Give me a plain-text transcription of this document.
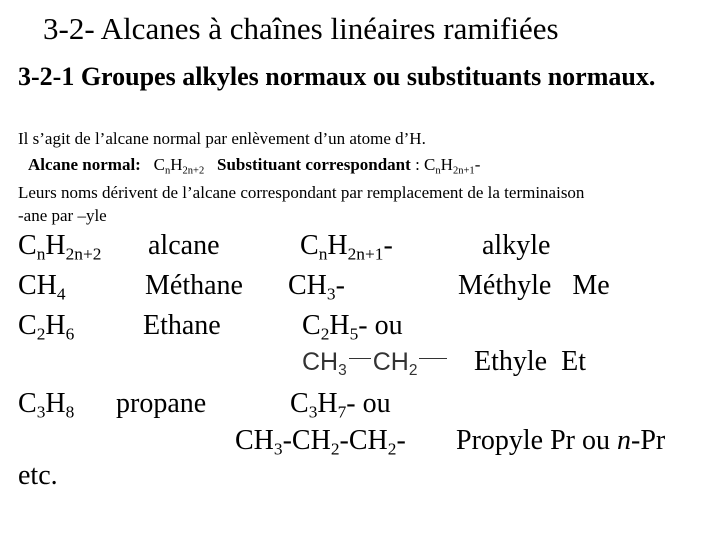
3-2- Alcanes à chaînes linéaires ramifiées
3-2-1 Groupes alkyles normaux ou substituants normaux.
Il s’agit de l’alcane normal par enlèvement d’un atome d’H.
Alcane normal: $C_nH_{2n+2}$ Substituant correspondant : $C_nH_{2n+1}-$
Leurs noms dérivent de l’alcane correspondant par remplacement de la terminaison
-ane par –yle
$C_nH_{2n+2}$ alcane	$C_nH_{2n+1}-$	alkyle
$CH_4$	Méthane $CH_3-$	Méthyle Me
$C_2H_6$ Ethane	$C_2H_5-$ ou
$CH_3$ $CH_2$	Ethyle Et
$C_3H_8$ propane	$C_3H_7-$ ou
$CH_3-CH_2-CH_2-$ Propyle Pr ou n-Pr
etc.
